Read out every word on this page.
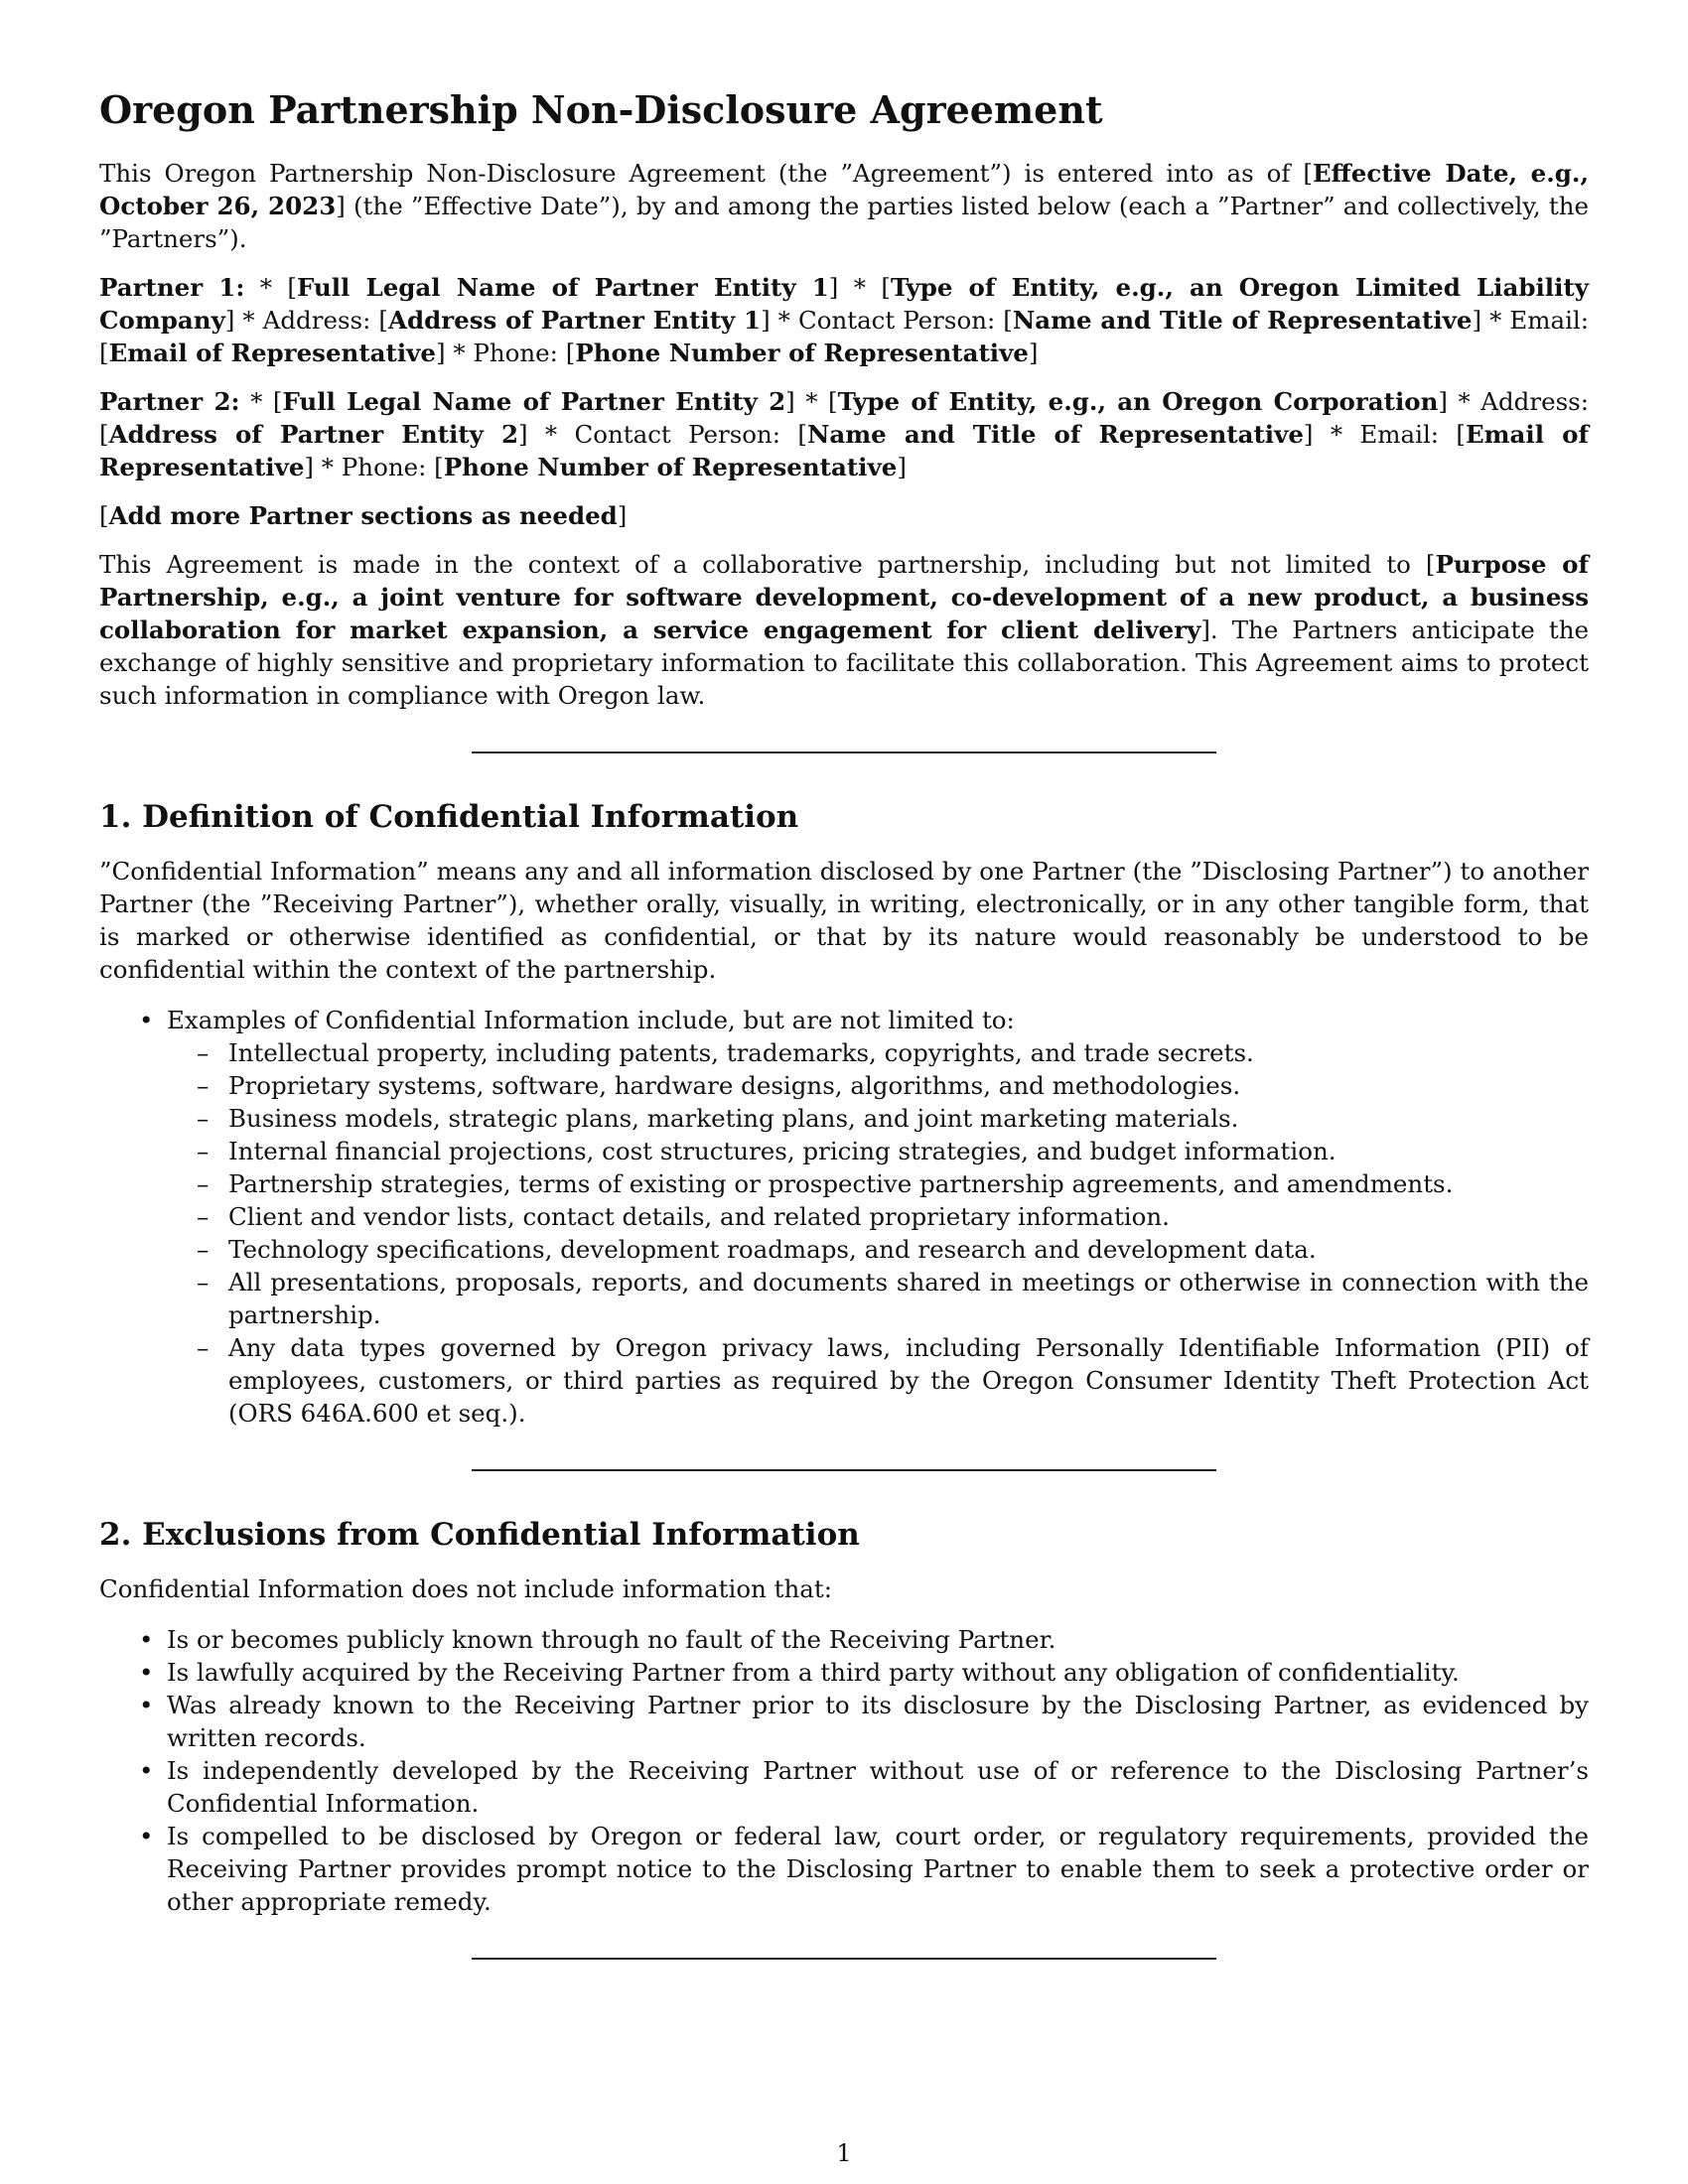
Oregon Partnership Non-Disclosure Agreement

This Oregon Partnership Non-Disclosure Agreement (the ”Agreement”) is entered into as of [Effective Date, e.g., October 26, 2023] (the ”Effective Date”), by and among the parties listed below (each a ”Partner” and collectively, the ”Partners”).

Partner 1: * [Full Legal Name of Partner Entity 1] * [Type of Entity, e.g., an Oregon Limited Liability Company] * Address: [Address of Partner Entity 1] * Contact Person: [Name and Title of Representative] * Email: [Email of Representative] * Phone: [Phone Number of Representative]

Partner 2: * [Full Legal Name of Partner Entity 2] * [Type of Entity, e.g., an Oregon Corporation] * Address: [Address of Partner Entity 2] * Contact Person: [Name and Title of Representative] * Email: [Email of Representative] * Phone: [Phone Number of Representative]

[Add more Partner sections as needed]

This Agreement is made in the context of a collaborative partnership, including but not limited to [Purpose of Partnership, e.g., a joint venture for software development, co-development of a new product, a business collaboration for market expansion, a service engagement for client delivery]. The Partners anticipate the exchange of highly sensitive and proprietary information to facilitate this collaboration. This Agreement aims to protect such information in compliance with Oregon law.

1. Definition of Confidential Information

”Confidential Information” means any and all information disclosed by one Partner (the ”Disclosing Partner”) to another Partner (the ”Receiving Partner”), whether orally, visually, in writing, electronically, or in any other tangible form, that is marked or otherwise identified as confidential, or that by its nature would reasonably be understood to be confidential within the context of the partnership.

• Examples of Confidential Information include, but are not limited to:
– Intellectual property, including patents, trademarks, copyrights, and trade secrets.
– Proprietary systems, software, hardware designs, algorithms, and methodologies.
– Business models, strategic plans, marketing plans, and joint marketing materials.
– Internal financial projections, cost structures, pricing strategies, and budget information.
– Partnership strategies, terms of existing or prospective partnership agreements, and amendments.
– Client and vendor lists, contact details, and related proprietary information.
– Technology specifications, development roadmaps, and research and development data.
– All presentations, proposals, reports, and documents shared in meetings or otherwise in connection with the partnership.
– Any data types governed by Oregon privacy laws, including Personally Identifiable Information (PII) of employees, customers, or third parties as required by the Oregon Consumer Identity Theft Protection Act (ORS 646A.600 et seq.).
2. Exclusions from Confidential Information

Confidential Information does not include information that:

• Is or becomes publicly known through no fault of the Receiving Partner.
• Is lawfully acquired by the Receiving Partner from a third party without any obligation of confidentiality.
• Was already known to the Receiving Partner prior to its disclosure by the Disclosing Partner, as evidenced by written records.
• Is independently developed by the Receiving Partner without use of or reference to the Disclosing Partner’s Confidential Information.
• Is compelled to be disclosed by Oregon or federal law, court order, or regulatory requirements, provided the Receiving Partner provides prompt notice to the Disclosing Partner to enable them to seek a protective order or other appropriate remedy.
1
